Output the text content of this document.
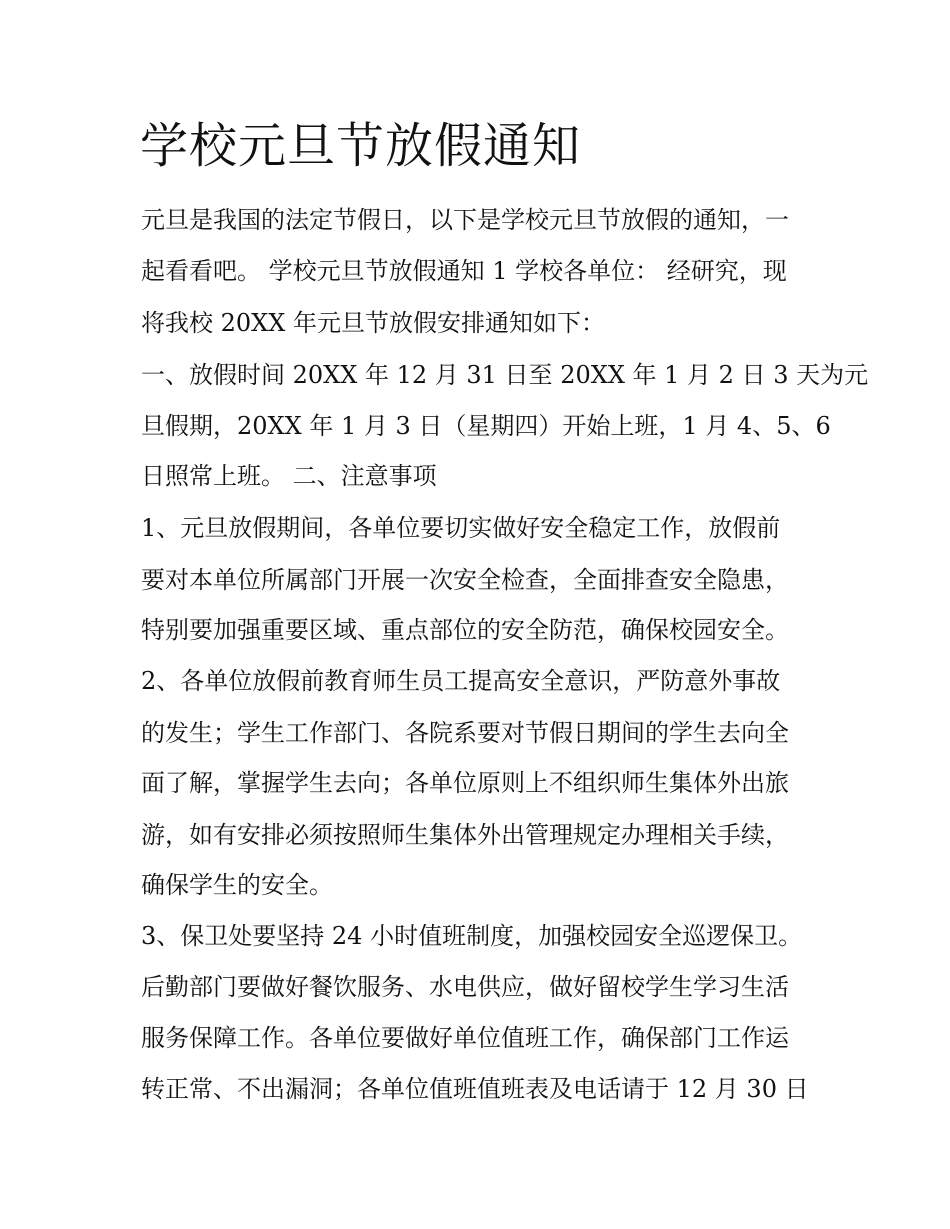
学校元旦节放假通知

元旦是我国的法定节假日，以下是学校元旦节放假的通知，一

起看看吧。 学校元旦节放假通知 1 学校各单位： 经研究，现

将我校 20XX 年元旦节放假安排通知如下：

一、放假时间 20XX 年 12 月 31 日至 20XX 年 1 月 2 日 3 天为元

旦假期，20XX 年 1 月 3 日（星期四）开始上班，1 月 4、5、6

日照常上班。 二、注意事项

1、元旦放假期间，各单位要切实做好安全稳定工作，放假前

要对本单位所属部门开展一次安全检查，全面排查安全隐患，

特别要加强重要区域、重点部位的安全防范，确保校园安全。

2、各单位放假前教育师生员工提高安全意识，严防意外事故

的发生；学生工作部门、各院系要对节假日期间的学生去向全

面了解，掌握学生去向；各单位原则上不组织师生集体外出旅

游，如有安排必须按照师生集体外出管理规定办理相关手续，

确保学生的安全。

3、保卫处要坚持 24 小时值班制度，加强校园安全巡逻保卫。

后勤部门要做好餐饮服务、水电供应，做好留校学生学习生活

服务保障工作。各单位要做好单位值班工作，确保部门工作运

转正常、不出漏洞；各单位值班值班表及电话请于 12 月 30 日
